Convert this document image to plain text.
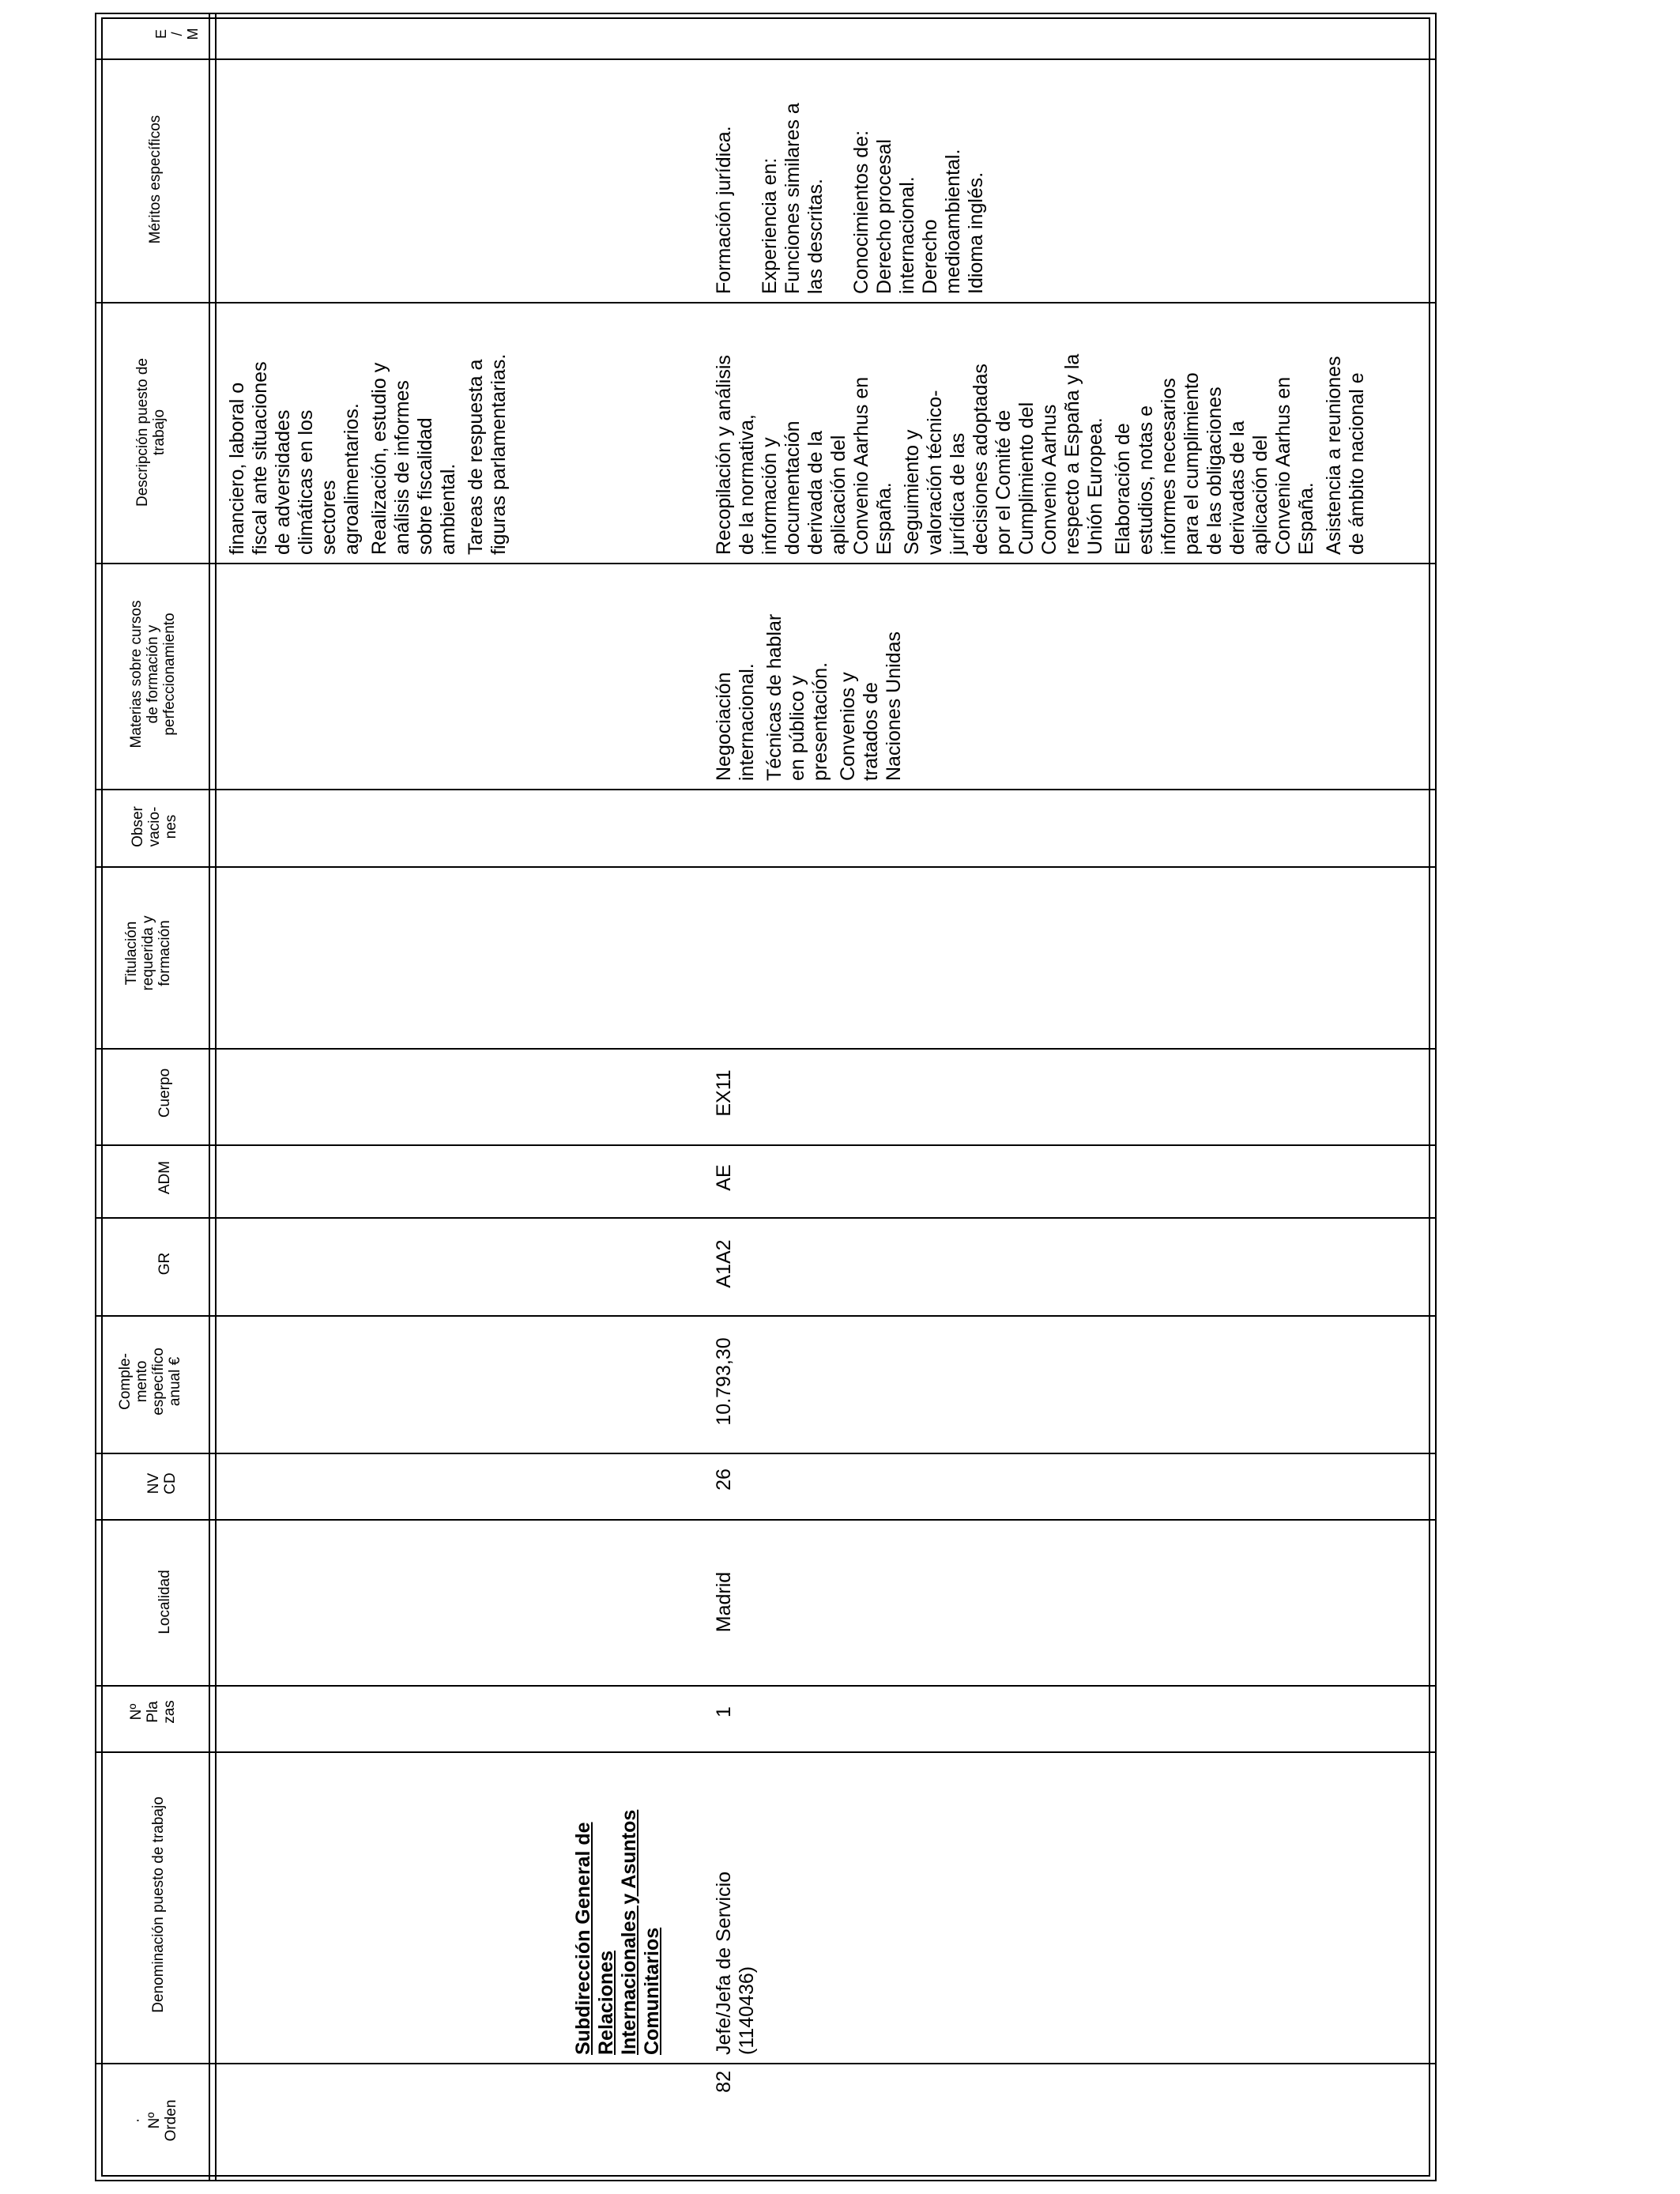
· Nº Orden
Denominación puesto de trabajo
Nº Pla zas
Localidad
NV CD
Comple- mento específico anual €
GR
ADM
Cuerpo
Titulación requerida y formación
Obser vacio- nes
Materias sobre cursos de formación y perfeccionamiento
Descripción puesto de trabajo
Méritos específicos
E / M
financiero, laboral o fiscal ante situaciones de adversidades climáticas en los sectores agroalimentarios. Realización, estudio y análisis de informes sobre fiscalidad ambiental. Tareas de respuesta a figuras parlamentarias.
Subdirección General de Relaciones Internacionales y Asuntos Comunitarios
82
Jefe/Jefa de Servicio (1140436)
1
Madrid
26
10.793,30
A1A2
AE
EX11
Negociación internacional. Técnicas de hablar en público y presentación. Convenios y tratados de Naciones Unidas
Recopilación y análisis de la normativa, información y documentación derivada de la aplicación del Convenio Aarhus en España. Seguimiento y valoración técnico- jurídica de las decisiones adoptadas por el Comité de Cumplimiento del Convenio Aarhus respecto a España y la Unión Europea. Elaboración de estudios, notas e informes necesarios para el cumplimiento de las obligaciones derivadas de la aplicación del Convenio Aarhus en España. Asistencia a reuniones de ámbito nacional e
Formación jurídica. Experiencia en: Funciones similares a las descritas. Conocimientos de: Derecho procesal internacional. Derecho medioambiental. Idioma inglés.
